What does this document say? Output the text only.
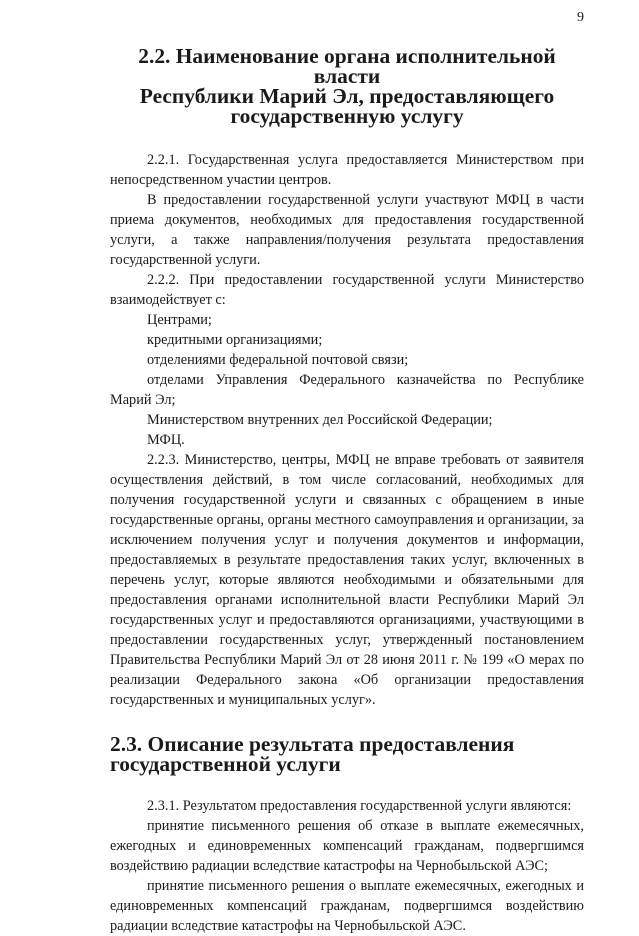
9
2.2. Наименование органа исполнительной власти
Республики Марий Эл, предоставляющего государственную услугу

2.2.1. Государственная услуга предоставляется Министерством при непосредственном участии центров.

В предоставлении государственной услуги участвуют МФЦ в части приема документов, необходимых для предоставления государственной услуги, а также направления/получения результата предоставления государственной услуги.

2.2.2. При предоставлении государственной услуги Министерство взаимодействует с:

Центрами;

кредитными организациями;

отделениями федеральной почтовой связи;

отделами Управления Федерального казначейства по Республике Марий Эл;

Министерством внутренних дел Российской Федерации;

МФЦ.

2.2.3. Министерство, центры, МФЦ не вправе требовать от заявителя осуществления действий, в том числе согласований, необходимых для получения государственной услуги и связанных с обращением в иные государственные органы, органы местного самоуправления и организации, за исключением получения услуг и получения документов и информации, предоставляемых в результате предоставления таких услуг, включенных в перечень услуг, которые являются необходимыми и обязательными для предоставления органами исполнительной власти Республики Марий Эл государственных услуг и предоставляются организациями, участвующими в предоставлении государственных услуг, утвержденный постановлением Правительства Республики Марий Эл от 28 июня 2011 г. № 199 «О мерах по реализации Федерального закона «Об организации предоставления государственных и муниципальных услуг».

2.3. Описание результата предоставления государственной услуги

2.3.1. Результатом предоставления государственной услуги являются:

принятие письменного решения об отказе в выплате ежемесячных, ежегодных и единовременных компенсаций гражданам, подвергшимся воздействию радиации вследствие катастрофы на Чернобыльской АЭС;

принятие письменного решения о выплате ежемесячных, ежегодных и единовременных компенсаций гражданам, подвергшимся воздействию радиации вследствие катастрофы на Чернобыльской АЭС.
